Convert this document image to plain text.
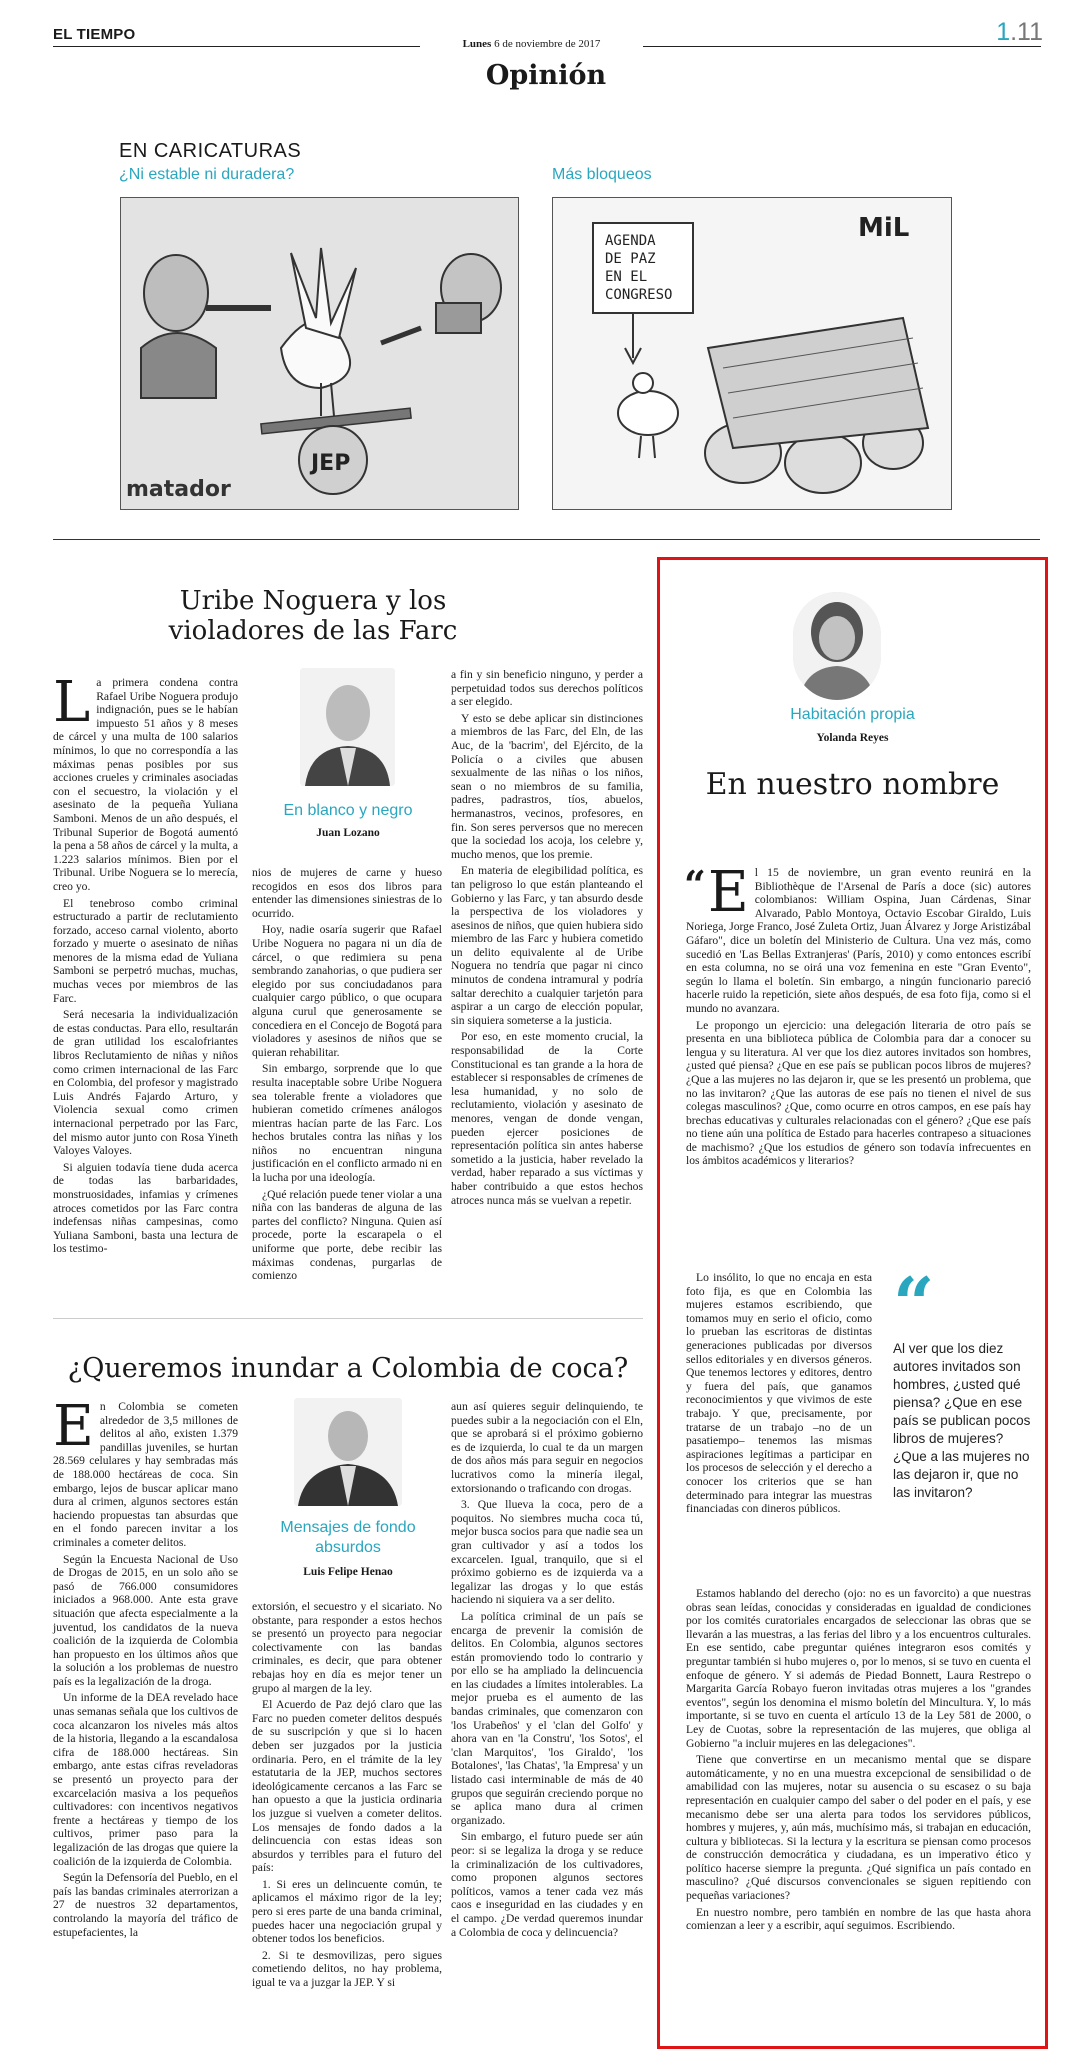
EL TIEMPO
Lunes 6 de noviembre de 2017	1.11
Opinión
EN CARICATURAS
¿Ni estable ni duradera?	Más bloqueos
JEP
matador
AGENDA DE PAZ EN EL CONGRESO
MiL
Uribe Noguera y los violadores de las Farc

La primera condena contra Rafael Uribe Noguera produjo indignación, pues se le habían impuesto 51 años y 8 meses de cárcel y una multa de 100 salarios mínimos, lo que no correspondía a las máximas penas posibles por sus acciones crueles y criminales asociadas con el secuestro, la violación y el asesinato de la pequeña Yuliana Samboni. Menos de un año después, el Tribunal Superior de Bogotá aumentó la pena a 58 años de cárcel y la multa, a 1.223 salarios mínimos. Bien por el Tribunal. Uribe Noguera se lo merecía, creo yo.

El tenebroso combo criminal estructurado a partir de reclutamiento forzado, acceso carnal violento, aborto forzado y muerte o asesinato de niñas menores de la misma edad de Yuliana Samboni se perpetró muchas, muchas, muchas veces por miembros de las Farc.

Será necesaria la individualización de estas conductas. Para ello, resultarán de gran utilidad los escalofriantes libros Reclutamiento de niñas y niños como crimen internacional de las Farc en Colombia, del profesor y magistrado Luis Andrés Fajardo Arturo, y Violencia sexual como crimen internacional perpetrado por las Farc, del mismo autor junto con Rosa Yineth Valoyes Valoyes.

Si alguien todavía tiene duda acerca de todas las barbaridades, monstruosidades, infamias y crímenes atroces cometidos por las Farc contra indefensas niñas campesinas, como Yuliana Samboni, basta una lectura de los testimo-

En blanco y negro
Juan Lozano

nios de mujeres de carne y hueso recogidos en esos dos libros para entender las dimensiones siniestras de lo ocurrido.

Hoy, nadie osaría sugerir que Rafael Uribe Noguera no pagara ni un día de cárcel, o que redimiera su pena sembrando zanahorias, o que pudiera ser elegido por sus conciudadanos para cualquier cargo público, o que ocupara alguna curul que generosamente se concediera en el Concejo de Bogotá para violadores y asesinos de niños que se quieran rehabilitar.

Sin embargo, sorprende que lo que resulta inaceptable sobre Uribe Noguera sea tolerable frente a violadores que hubieran cometido crímenes análogos mientras hacían parte de las Farc. Los hechos brutales contra las niñas y los niños no encuentran ninguna justificación en el conflicto armado ni en la lucha por una ideología.

¿Qué relación puede tener violar a una niña con las banderas de alguna de las partes del conflicto? Ninguna. Quien así procede, porte la escarapela o el uniforme que porte, debe recibir las máximas condenas, purgarlas de comienzo

a fin y sin beneficio ninguno, y perder a perpetuidad todos sus derechos políticos a ser elegido.

Y esto se debe aplicar sin distinciones a miembros de las Farc, del Eln, de las Auc, de la 'bacrim', del Ejército, de la Policía o a civiles que abusen sexualmente de las niñas o los niños, sean o no miembros de su familia, padres, padrastros, tíos, abuelos, hermanastros, vecinos, profesores, en fin. Son seres perversos que no merecen que la sociedad los acoja, los celebre y, mucho menos, que los premie.

En materia de elegibilidad política, es tan peligroso lo que están planteando el Gobierno y las Farc, y tan absurdo desde la perspectiva de los violadores y asesinos de niños, que quien hubiera sido miembro de las Farc y hubiera cometido un delito equivalente al de Uribe Noguera no tendría que pagar ni cinco minutos de condena intramural y podría saltar derechito a cualquier tarjetón para aspirar a un cargo de elección popular, sin siquiera someterse a la justicia.

Por eso, en este momento crucial, la responsabilidad de la Corte Constitucional es tan grande a la hora de establecer si responsables de crímenes de lesa humanidad, y no solo de reclutamiento, violación y asesinato de menores, vengan de donde vengan, pueden ejercer posiciones de representación política sin antes haberse sometido a la justicia, haber revelado la verdad, haber reparado a sus víctimas y haber contribuido a que estos hechos atroces nunca más se vuelvan a repetir.

¿Queremos inundar a Colombia de coca?

En Colombia se cometen alrededor de 3,5 millones de delitos al año, existen 1.379 pandillas juveniles, se hurtan 28.569 celulares y hay sembradas más de 188.000 hectáreas de coca. Sin embargo, lejos de buscar aplicar mano dura al crimen, algunos sectores están haciendo propuestas tan absurdas que en el fondo parecen invitar a los criminales a cometer delitos.

Según la Encuesta Nacional de Uso de Drogas de 2015, en un solo año se pasó de 766.000 consumidores iniciados a 968.000. Ante esta grave situación que afecta especialmente a la juventud, los candidatos de la nueva coalición de la izquierda de Colombia han propuesto en los últimos años que la solución a los problemas de nuestro país es la legalización de la droga.

Un informe de la DEA revelado hace unas semanas señala que los cultivos de coca alcanzaron los niveles más altos de la historia, llegando a la escandalosa cifra de 188.000 hectáreas. Sin embargo, ante estas cifras reveladoras se presentó un proyecto para der excarcelación masiva a los pequeños cultivadores: con incentivos negativos frente a hectáreas y tiempo de los cultivos, primer paso para la legalización de las drogas que quiere la coalición de la izquierda de Colombia.

Según la Defensoría del Pueblo, en el país las bandas criminales aterrorizan a 27 de nuestros 32 departamentos, controlando la mayoría del tráfico de estupefacientes, la

Mensajes de fondo absurdos
Luis Felipe Henao

extorsión, el secuestro y el sicariato. No obstante, para responder a estos hechos se presentó un proyecto para negociar colectivamente con las bandas criminales, es decir, que para obtener rebajas hoy en día es mejor tener un grupo al margen de la ley.

El Acuerdo de Paz dejó claro que las Farc no pueden cometer delitos después de su suscripción y que si lo hacen deben ser juzgados por la justicia ordinaria. Pero, en el trámite de la ley estatutaria de la JEP, muchos sectores ideológicamente cercanos a las Farc se han opuesto a que la justicia ordinaria los juzgue si vuelven a cometer delitos. Los mensajes de fondo dados a la delincuencia con estas ideas son absurdos y terribles para el futuro del país:

1. Si eres un delincuente común, te aplicamos el máximo rigor de la ley; pero si eres parte de una banda criminal, puedes hacer una negociación grupal y obtener todos los beneficios.

2. Si te desmovilizas, pero sigues cometiendo delitos, no hay problema, igual te va a juzgar la JEP. Y si

aun así quieres seguir delinquiendo, te puedes subir a la negociación con el Eln, que se aprobará si el próximo gobierno es de izquierda, lo cual te da un margen de dos años más para seguir en negocios lucrativos como la minería ilegal, extorsionando o traficando con drogas.

3. Que llueva la coca, pero de a poquitos. No siembres mucha coca tú, mejor busca socios para que nadie sea un gran cultivador y así a todos los excarcelen. Igual, tranquilo, que si el próximo gobierno es de izquierda va a legalizar las drogas y lo que estás haciendo ni siquiera va a ser delito.

La política criminal de un país se encarga de prevenir la comisión de delitos. En Colombia, algunos sectores están promoviendo todo lo contrario y por ello se ha ampliado la delincuencia en las ciudades a límites intolerables. La mejor prueba es el aumento de las bandas criminales, que comenzaron con 'los Urabeños' y el 'clan del Golfo' y ahora van en 'la Constru', 'los Sotos', el 'clan Marquitos', 'los Giraldo', 'los Botalones', 'las Chatas', 'la Empresa' y un listado casi interminable de más de 40 grupos que seguirán creciendo porque no se aplica mano dura al crimen organizado.

Sin embargo, el futuro puede ser aún peor: si se legaliza la droga y se reduce la criminalización de los cultivadores, como proponen algunos sectores políticos, vamos a tener cada vez más caos e inseguridad en las ciudades y en el campo. ¿De verdad queremos inundar a Colombia de coca y delincuencia?

Habitación propia
Yolanda Reyes
En nuestro nombre

“ E l 15 de noviembre, un gran evento reunirá en la Bibliothèque de l'Arsenal de París a doce (sic) autores colombianos: William Ospina, Juan Cárdenas, Sinar Alvarado, Pablo Montoya, Octavio Escobar Giraldo, Luis Noriega, Jorge Franco, José Zuleta Ortiz, Juan Álvarez y Jorge Aristizábal Gáfaro", dice un boletín del Ministerio de Cultura. Una vez más, como sucedió en 'Las Bellas Extranjeras' (París, 2010) y como entonces escribí en esta columna, no se oirá una voz femenina en este "Gran Evento", según lo llama el boletín. Sin embargo, a ningún funcionario pareció hacerle ruido la repetición, siete años después, de esa foto fija, como si el mundo no avanzara.

Le propongo un ejercicio: una delegación literaria de otro país se presenta en una biblioteca pública de Colombia para dar a conocer su lengua y su literatura. Al ver que los diez autores invitados son hombres, ¿usted qué piensa? ¿Que en ese país se publican pocos libros de mujeres? ¿Que a las mujeres no las dejaron ir, que se les presentó un problema, que no las invitaron? ¿Que las autoras de ese país no tienen el nivel de sus colegas masculinos? ¿Que, como ocurre en otros campos, en ese país hay brechas educativas y culturales relacionadas con el género? ¿Que ese país no tiene aún una política de Estado para hacerles contrapeso a situaciones de machismo? ¿Que los estudios de género son todavía infrecuentes en los ámbitos académicos y literarios?

Lo insólito, lo que no encaja en esta foto fija, es que en Colombia las mujeres estamos escribiendo, que tomamos muy en serio el oficio, como lo prueban las escritoras de distintas generaciones publicadas por diversos sellos editoriales y en diversos géneros. Que tenemos lectores y editores, dentro y fuera del país, que ganamos reconocimientos y que vivimos de este trabajo. Y que, precisamente, por tratarse de un trabajo –no de un pasatiempo– tenemos las mismas aspiraciones legítimas a participar en los procesos de selección y el derecho a conocer los criterios que se han determinado para integrar las muestras financiadas con dineros públicos.

“
Al ver que los diez autores invitados son hombres, ¿usted qué piensa? ¿Que en ese país se publican pocos libros de mujeres? ¿Que a las mujeres no las dejaron ir, que no las invitaron?

Estamos hablando del derecho (ojo: no es un favorcito) a que nuestras obras sean leídas, conocidas y consideradas en igualdad de condiciones por los comités curatoriales encargados de seleccionar las obras que se llevarán a las muestras, a las ferias del libro y a los encuentros culturales. En ese sentido, cabe preguntar quiénes integraron esos comités y preguntar también si hubo mujeres o, por lo menos, si se tuvo en cuenta el enfoque de género. Y si además de Piedad Bonnett, Laura Restrepo o Margarita García Robayo fueron invitadas otras mujeres a los "grandes eventos", según los denomina el mismo boletín del Mincultura. Y, lo más importante, si se tuvo en cuenta el artículo 13 de la Ley 581 de 2000, o Ley de Cuotas, sobre la representación de las mujeres, que obliga al Gobierno "a incluir mujeres en las delegaciones".

Tiene que convertirse en un mecanismo mental que se dispare automáticamente, y no en una muestra excepcional de sensibilidad o de amabilidad con las mujeres, notar su ausencia o su escasez o su baja representación en cualquier campo del saber o del poder en el país, y ese mecanismo debe ser una alerta para todos los servidores públicos, hombres y mujeres, y, aún más, muchísimo más, si trabajan en educación, cultura y bibliotecas. Si la lectura y la escritura se piensan como procesos de construcción democrática y ciudadana, es un imperativo ético y político hacerse siempre la pregunta. ¿Qué significa un país contado en masculino? ¿Qué discursos convencionales se siguen repitiendo con pequeñas variaciones?

En nuestro nombre, pero también en nombre de las que hasta ahora comienzan a leer y a escribir, aquí seguimos. Escribiendo.
